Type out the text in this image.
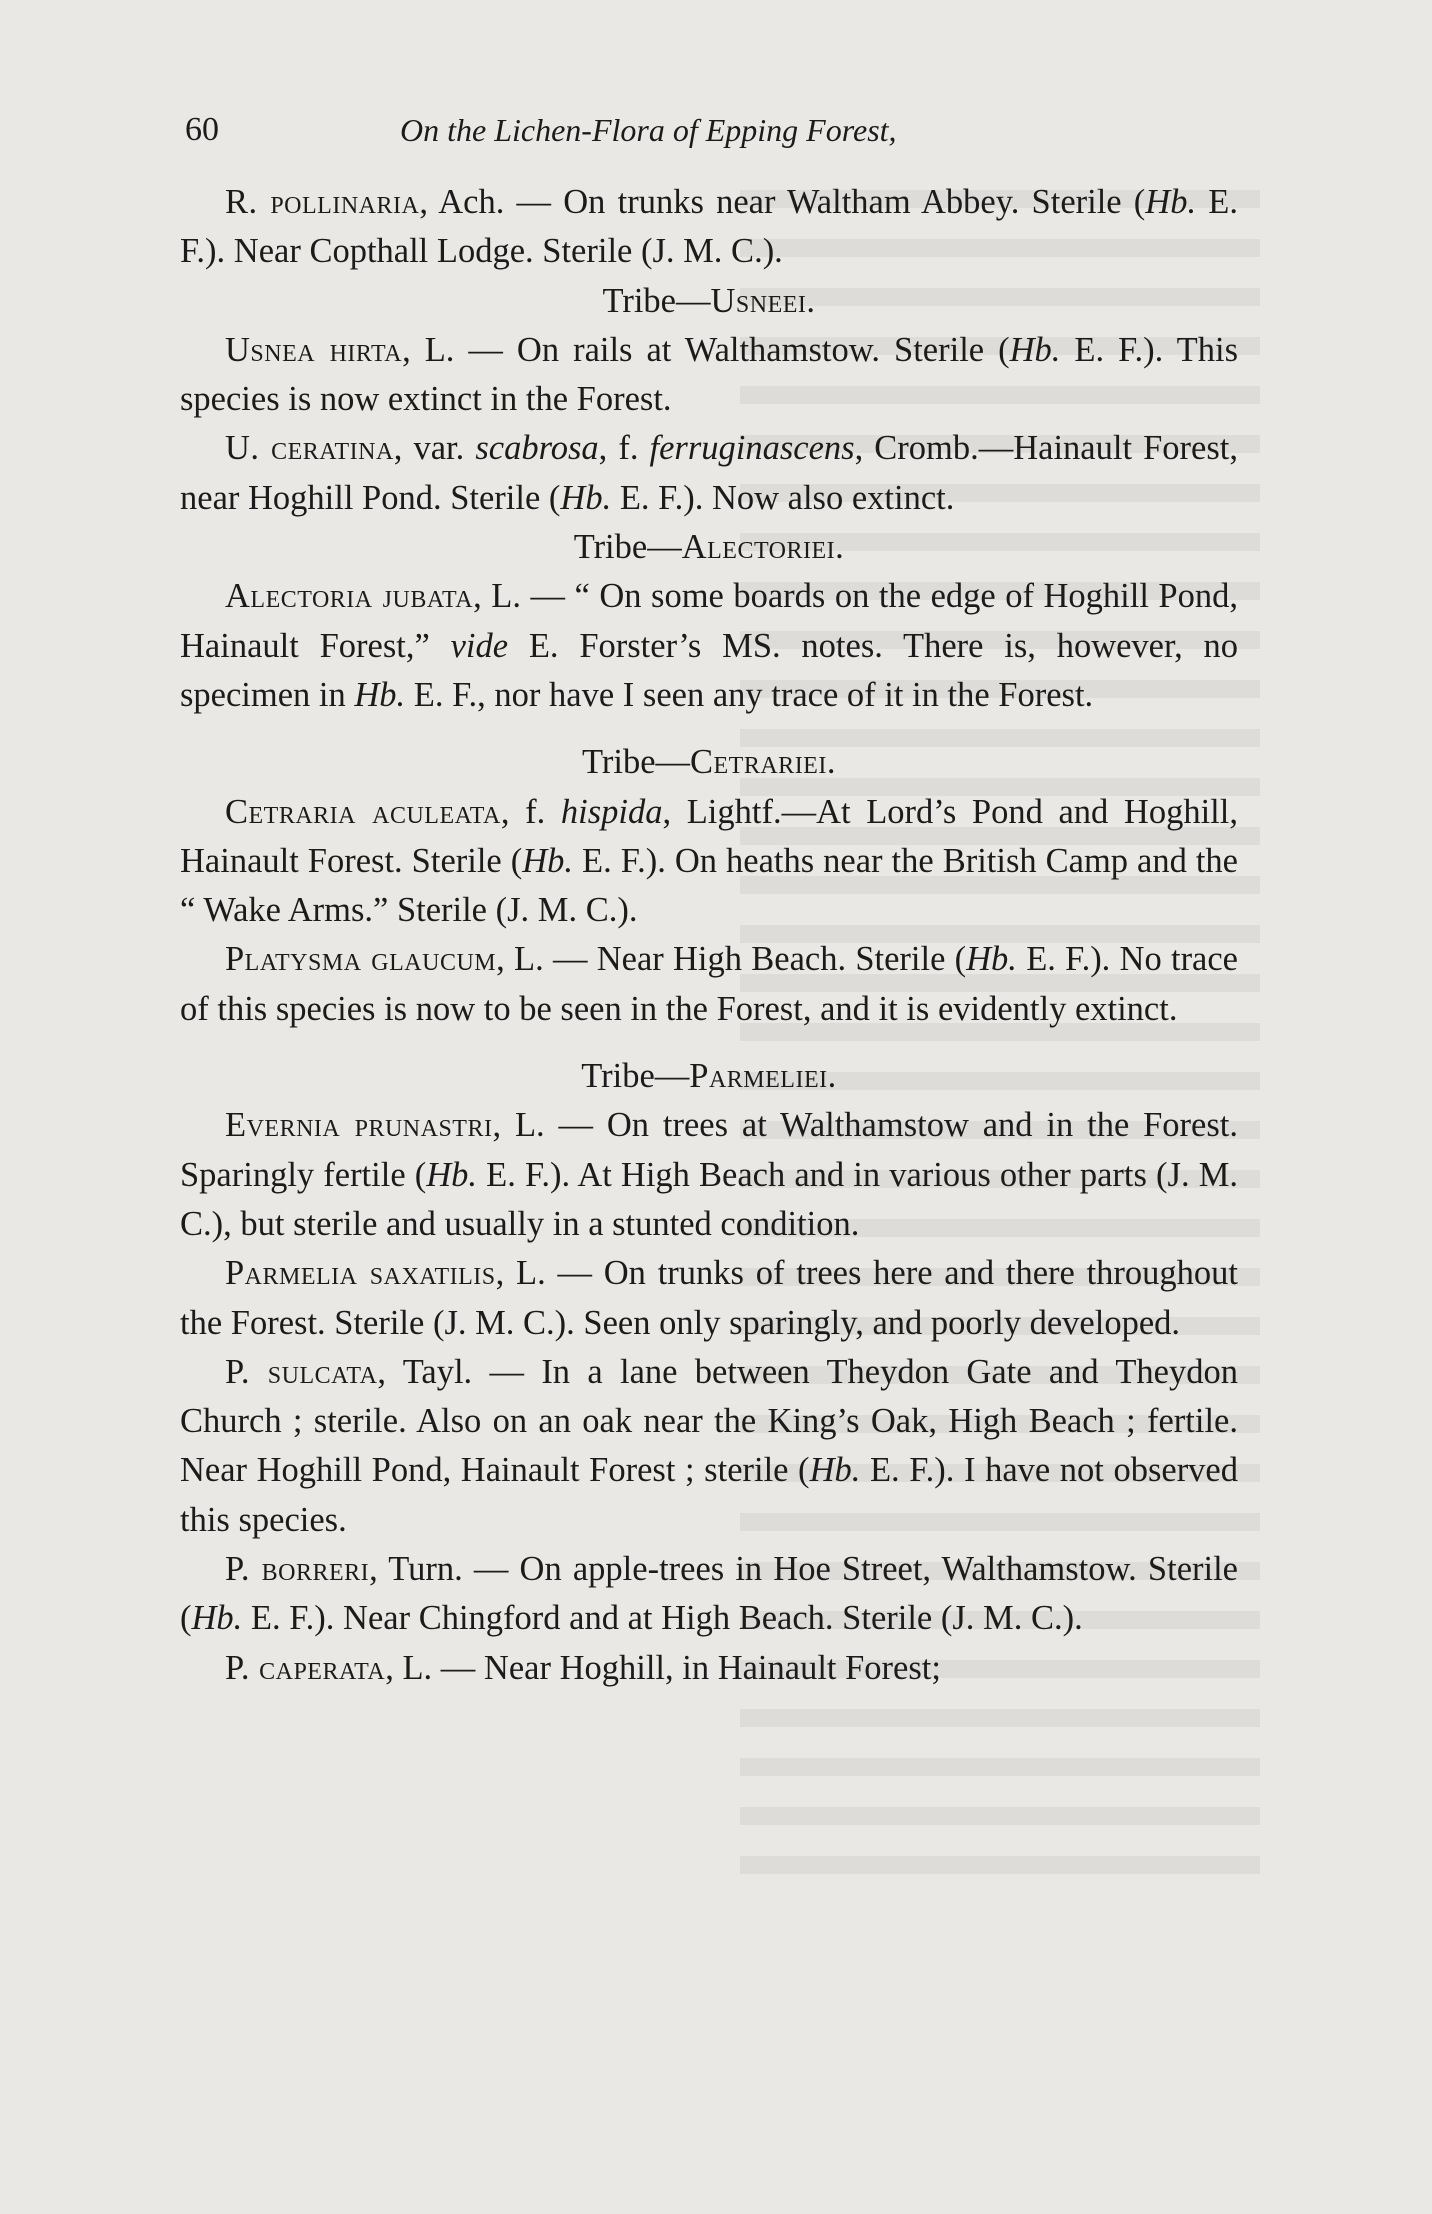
60	On the Lichen-Flora of Epping Forest,

R. pollinaria, Ach. — On trunks near Waltham Abbey. Sterile (Hb. E. F.). Near Copthall Lodge. Sterile (J. M. C.).

Tribe—Usneei.

Usnea hirta, L. — On rails at Walthamstow. Sterile (Hb. E. F.). This species is now extinct in the Forest.

U. ceratina, var. scabrosa, f. ferruginascens, Cromb.—Hainault Forest, near Hoghill Pond. Sterile (Hb. E. F.). Now also extinct.

Tribe—Alectoriei.

Alectoria jubata, L. — “ On some boards on the edge of Hoghill Pond, Hainault Forest,” vide E. Forster’s MS. notes. There is, however, no specimen in Hb. E. F., nor have I seen any trace of it in the Forest.

Tribe—Cetrariei.

Cetraria aculeata, f. hispida, Lightf.—At Lord’s Pond and Hoghill, Hainault Forest. Sterile (Hb. E. F.). On heaths near the British Camp and the “ Wake Arms.” Sterile (J. M. C.).

Platysma glaucum, L. — Near High Beach. Sterile (Hb. E. F.). No trace of this species is now to be seen in the Forest, and it is evidently extinct.

Tribe—Parmeliei.

Evernia prunastri, L. — On trees at Walthamstow and in the Forest. Sparingly fertile (Hb. E. F.). At High Beach and in various other parts (J. M. C.), but sterile and usually in a stunted condition.

Parmelia saxatilis, L. — On trunks of trees here and there throughout the Forest. Sterile (J. M. C.). Seen only sparingly, and poorly developed.

P. sulcata, Tayl. — In a lane between Theydon Gate and Theydon Church ; sterile. Also on an oak near the King’s Oak, High Beach ; fertile. Near Hoghill Pond, Hainault Forest ; sterile (Hb. E. F.). I have not observed this species.

P. borreri, Turn. — On apple-trees in Hoe Street, Walthamstow. Sterile (Hb. E. F.). Near Chingford and at High Beach. Sterile (J. M. C.).

P. caperata, L. — Near Hoghill, in Hainault Forest;
